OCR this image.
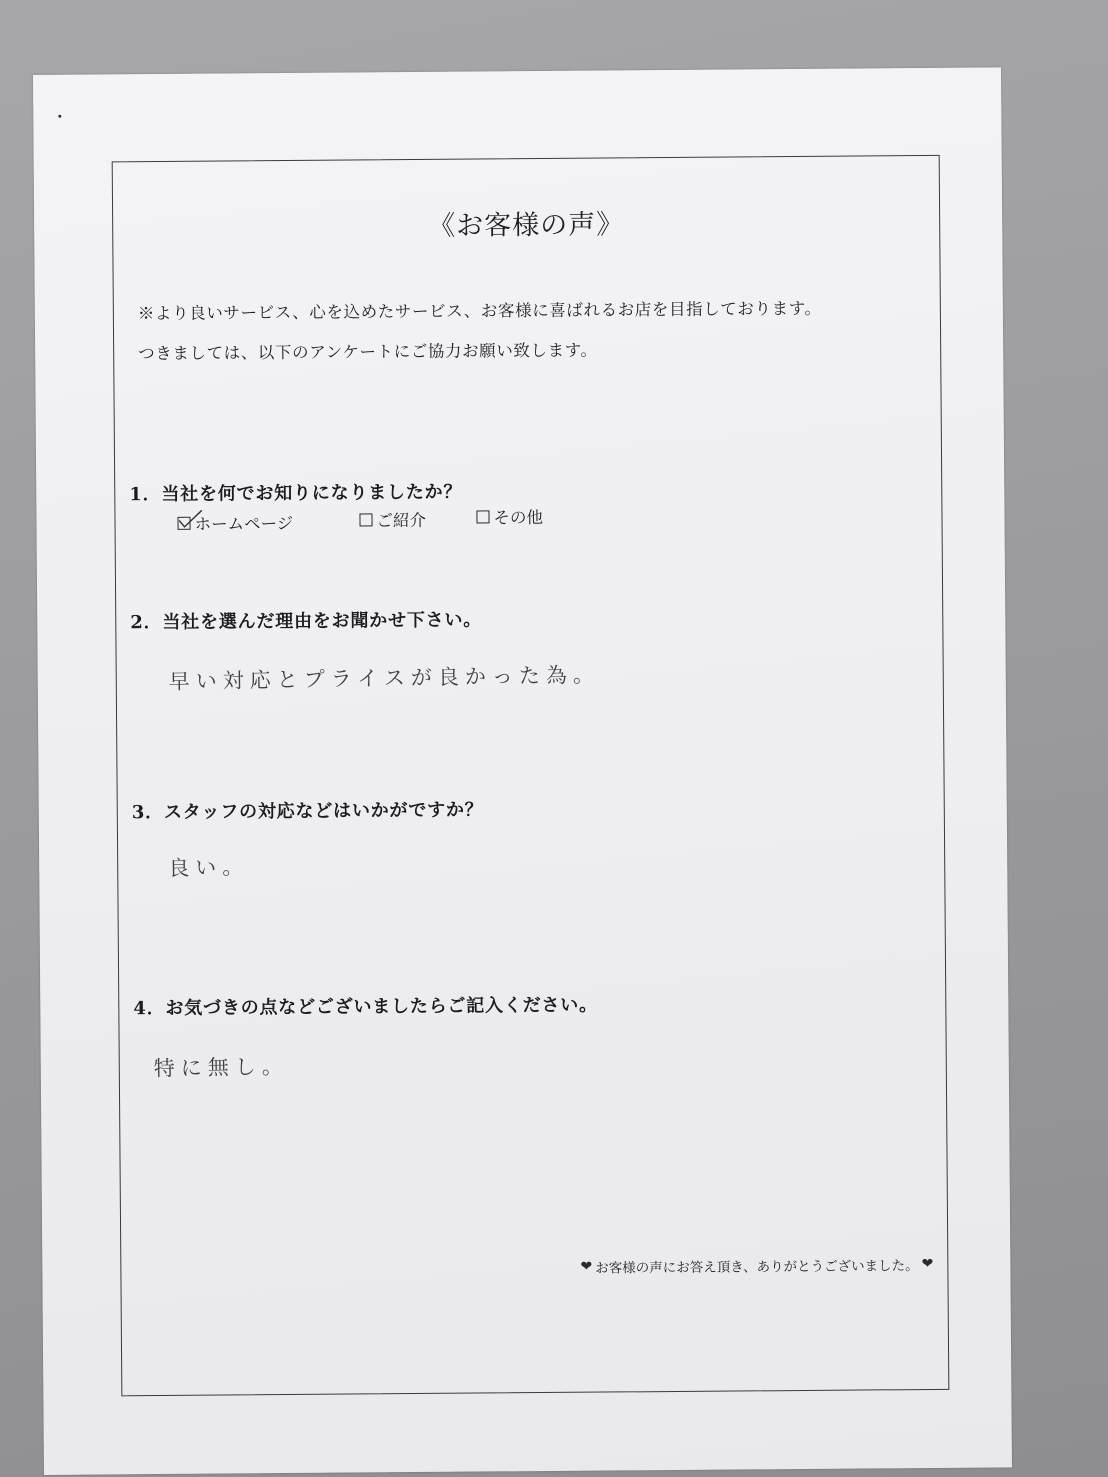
《お客様の声》
※より良いサービス、心を込めたサービス、お客様に喜ばれるお店を目指しております。
つきましては、以下のアンケートにご協力お願い致します。
1．当社を何でお知りになりましたか？
ホームページ	ご紹介	その他
2．当社を選んだ理由をお聞かせ下さい。
早い対応とプライスが良かった為。
3．スタッフの対応などはいかがですか？
良い。
4．お気づきの点などございましたらご記入ください。
特に無し。
❤ お客様の声にお答え頂き、ありがとうございました。 ❤
